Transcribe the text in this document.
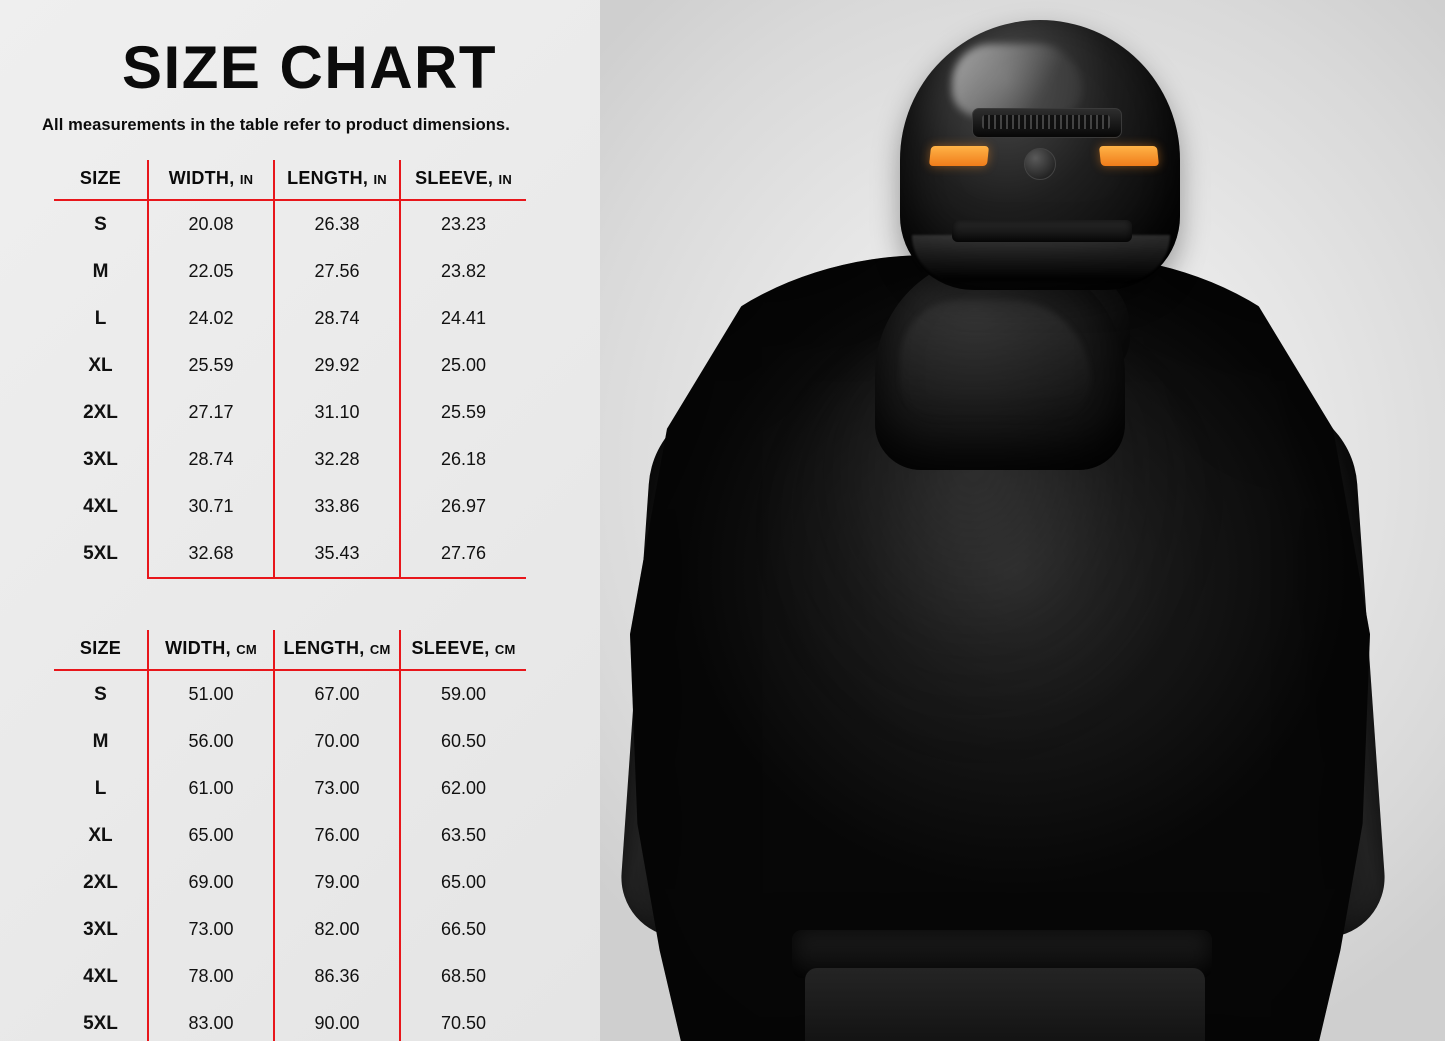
SIZE CHART
All measurements in the table refer to product dimensions.
SIZE	WIDTH, IN	LENGTH, IN	SLEEVE, IN
S	20.08	26.38	23.23
M	22.05	27.56	23.82
L	24.02	28.74	24.41
XL	25.59	29.92	25.00
2XL	27.17	31.10	25.59
3XL	28.74	32.28	26.18
4XL	30.71	33.86	26.97
5XL	32.68	35.43	27.76
SIZE	WIDTH, CM	LENGTH, CM	SLEEVE, CM
S	51.00	67.00	59.00
M	56.00	70.00	60.50
L	61.00	73.00	62.00
XL	65.00	76.00	63.50
2XL	69.00	79.00	65.00
3XL	73.00	82.00	66.50
4XL	78.00	86.36	68.50
5XL	83.00	90.00	70.50
